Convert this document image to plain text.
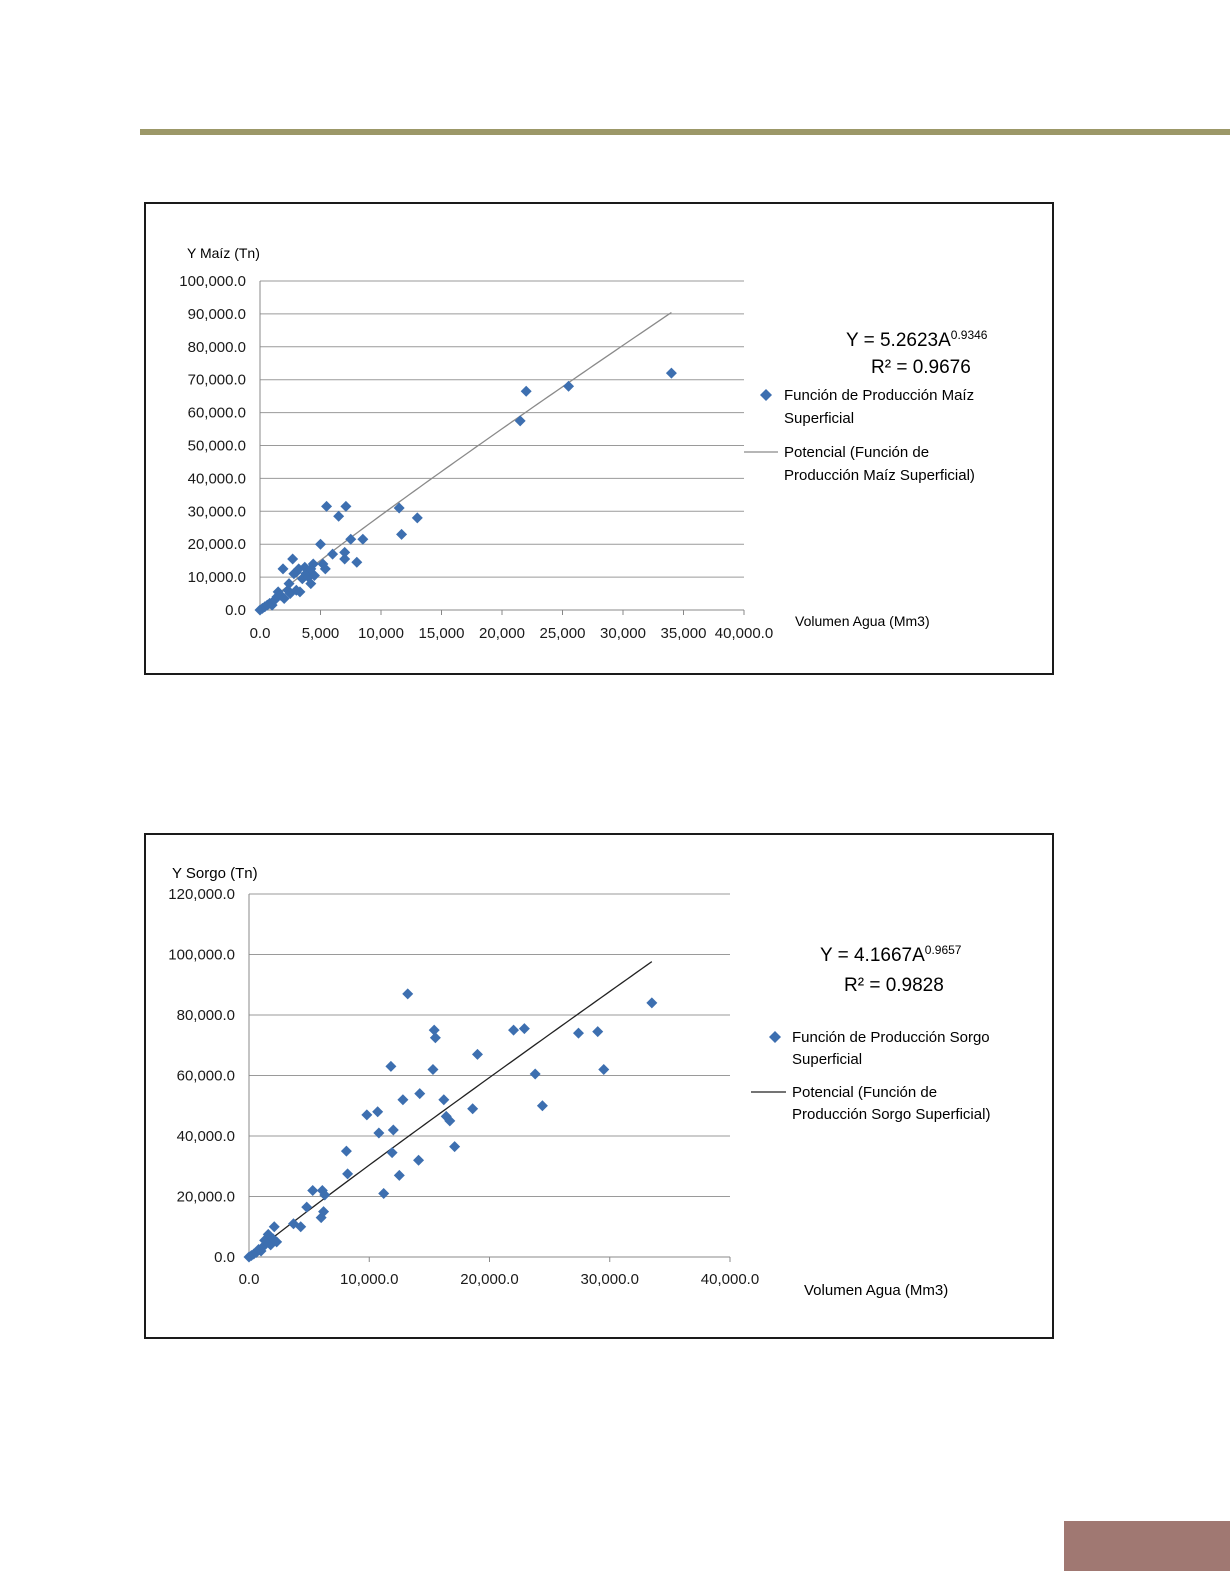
0.0
10,000.0
20,000.0
30,000.0
40,000.0
50,000.0
60,000.0
70,000.0
80,000.0
90,000.0
100,000.0
0.0 5,000 10,000 15,000 20,000 25,000 30,000 35,000 40,000.0
Y Maíz (Tn)
Volumen Agua (Mm3)
$Y = 5.2623A^{0.9346}$
R² = 0.9676
Función de Producción Maíz
Superficial
Potencial (Función de
Producción Maíz Superficial)
0.0
20,000.0
40,000.0
60,000.0
80,000.0
100,000.0
120,000.0
0.0	10,000.0	20,000.0	30,000.0	40,000.0
Y Sorgo (Tn)
Volumen Agua (Mm3)
$Y = 4.1667A^{0.9657}$
R² = 0.9828
Función de Producción Sorgo
Superficial
Potencial (Función de
Producción Sorgo Superficial)
